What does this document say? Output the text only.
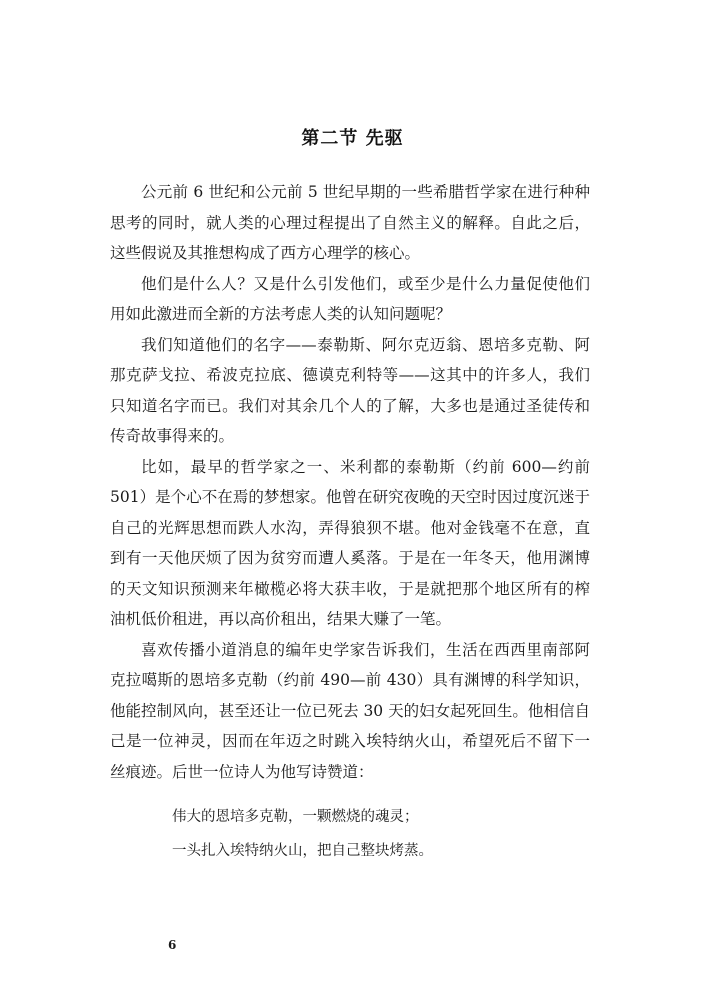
第二节 先驱

公元前 6 世纪和公元前 5 世纪早期的一些希腊哲学家在进行种种思考的同时，就人类的心理过程提出了自然主义的解释。自此之后，这些假说及其推想构成了西方心理学的核心。

他们是什么人？又是什么引发他们，或至少是什么力量促使他们用如此激进而全新的方法考虑人类的认知问题呢？

我们知道他们的名字——泰勒斯、阿尔克迈翁、恩培多克勒、阿那克萨戈拉、希波克拉底、德谟克利特等——这其中的许多人，我们只知道名字而已。我们对其余几个人的了解，大多也是通过圣徒传和传奇故事得来的。

比如，最早的哲学家之一、米利都的泰勒斯（约前 600—约前 501）是个心不在焉的梦想家。他曾在研究夜晚的天空时因过度沉迷于自己的光辉思想而跌人水沟，弄得狼狈不堪。他对金钱毫不在意，直到有一天他厌烦了因为贫穷而遭人奚落。于是在一年冬天，他用渊博的天文知识预测来年橄榄必将大获丰收，于是就把那个地区所有的榨油机低价租进，再以高价租出，结果大赚了一笔。

喜欢传播小道消息的编年史学家告诉我们，生活在西西里南部阿克拉噶斯的恩培多克勒（约前 490—前 430）具有渊博的科学知识，他能控制风向，甚至还让一位已死去 30 天的妇女起死回生。他相信自己是一位神灵，因而在年迈之时跳入埃特纳火山，希望死后不留下一丝痕迹。后世一位诗人为他写诗赞道：

伟大的恩培多克勒，一颗燃烧的魂灵；
一头扎入埃特纳火山，把自己整块烤蒸。
6
